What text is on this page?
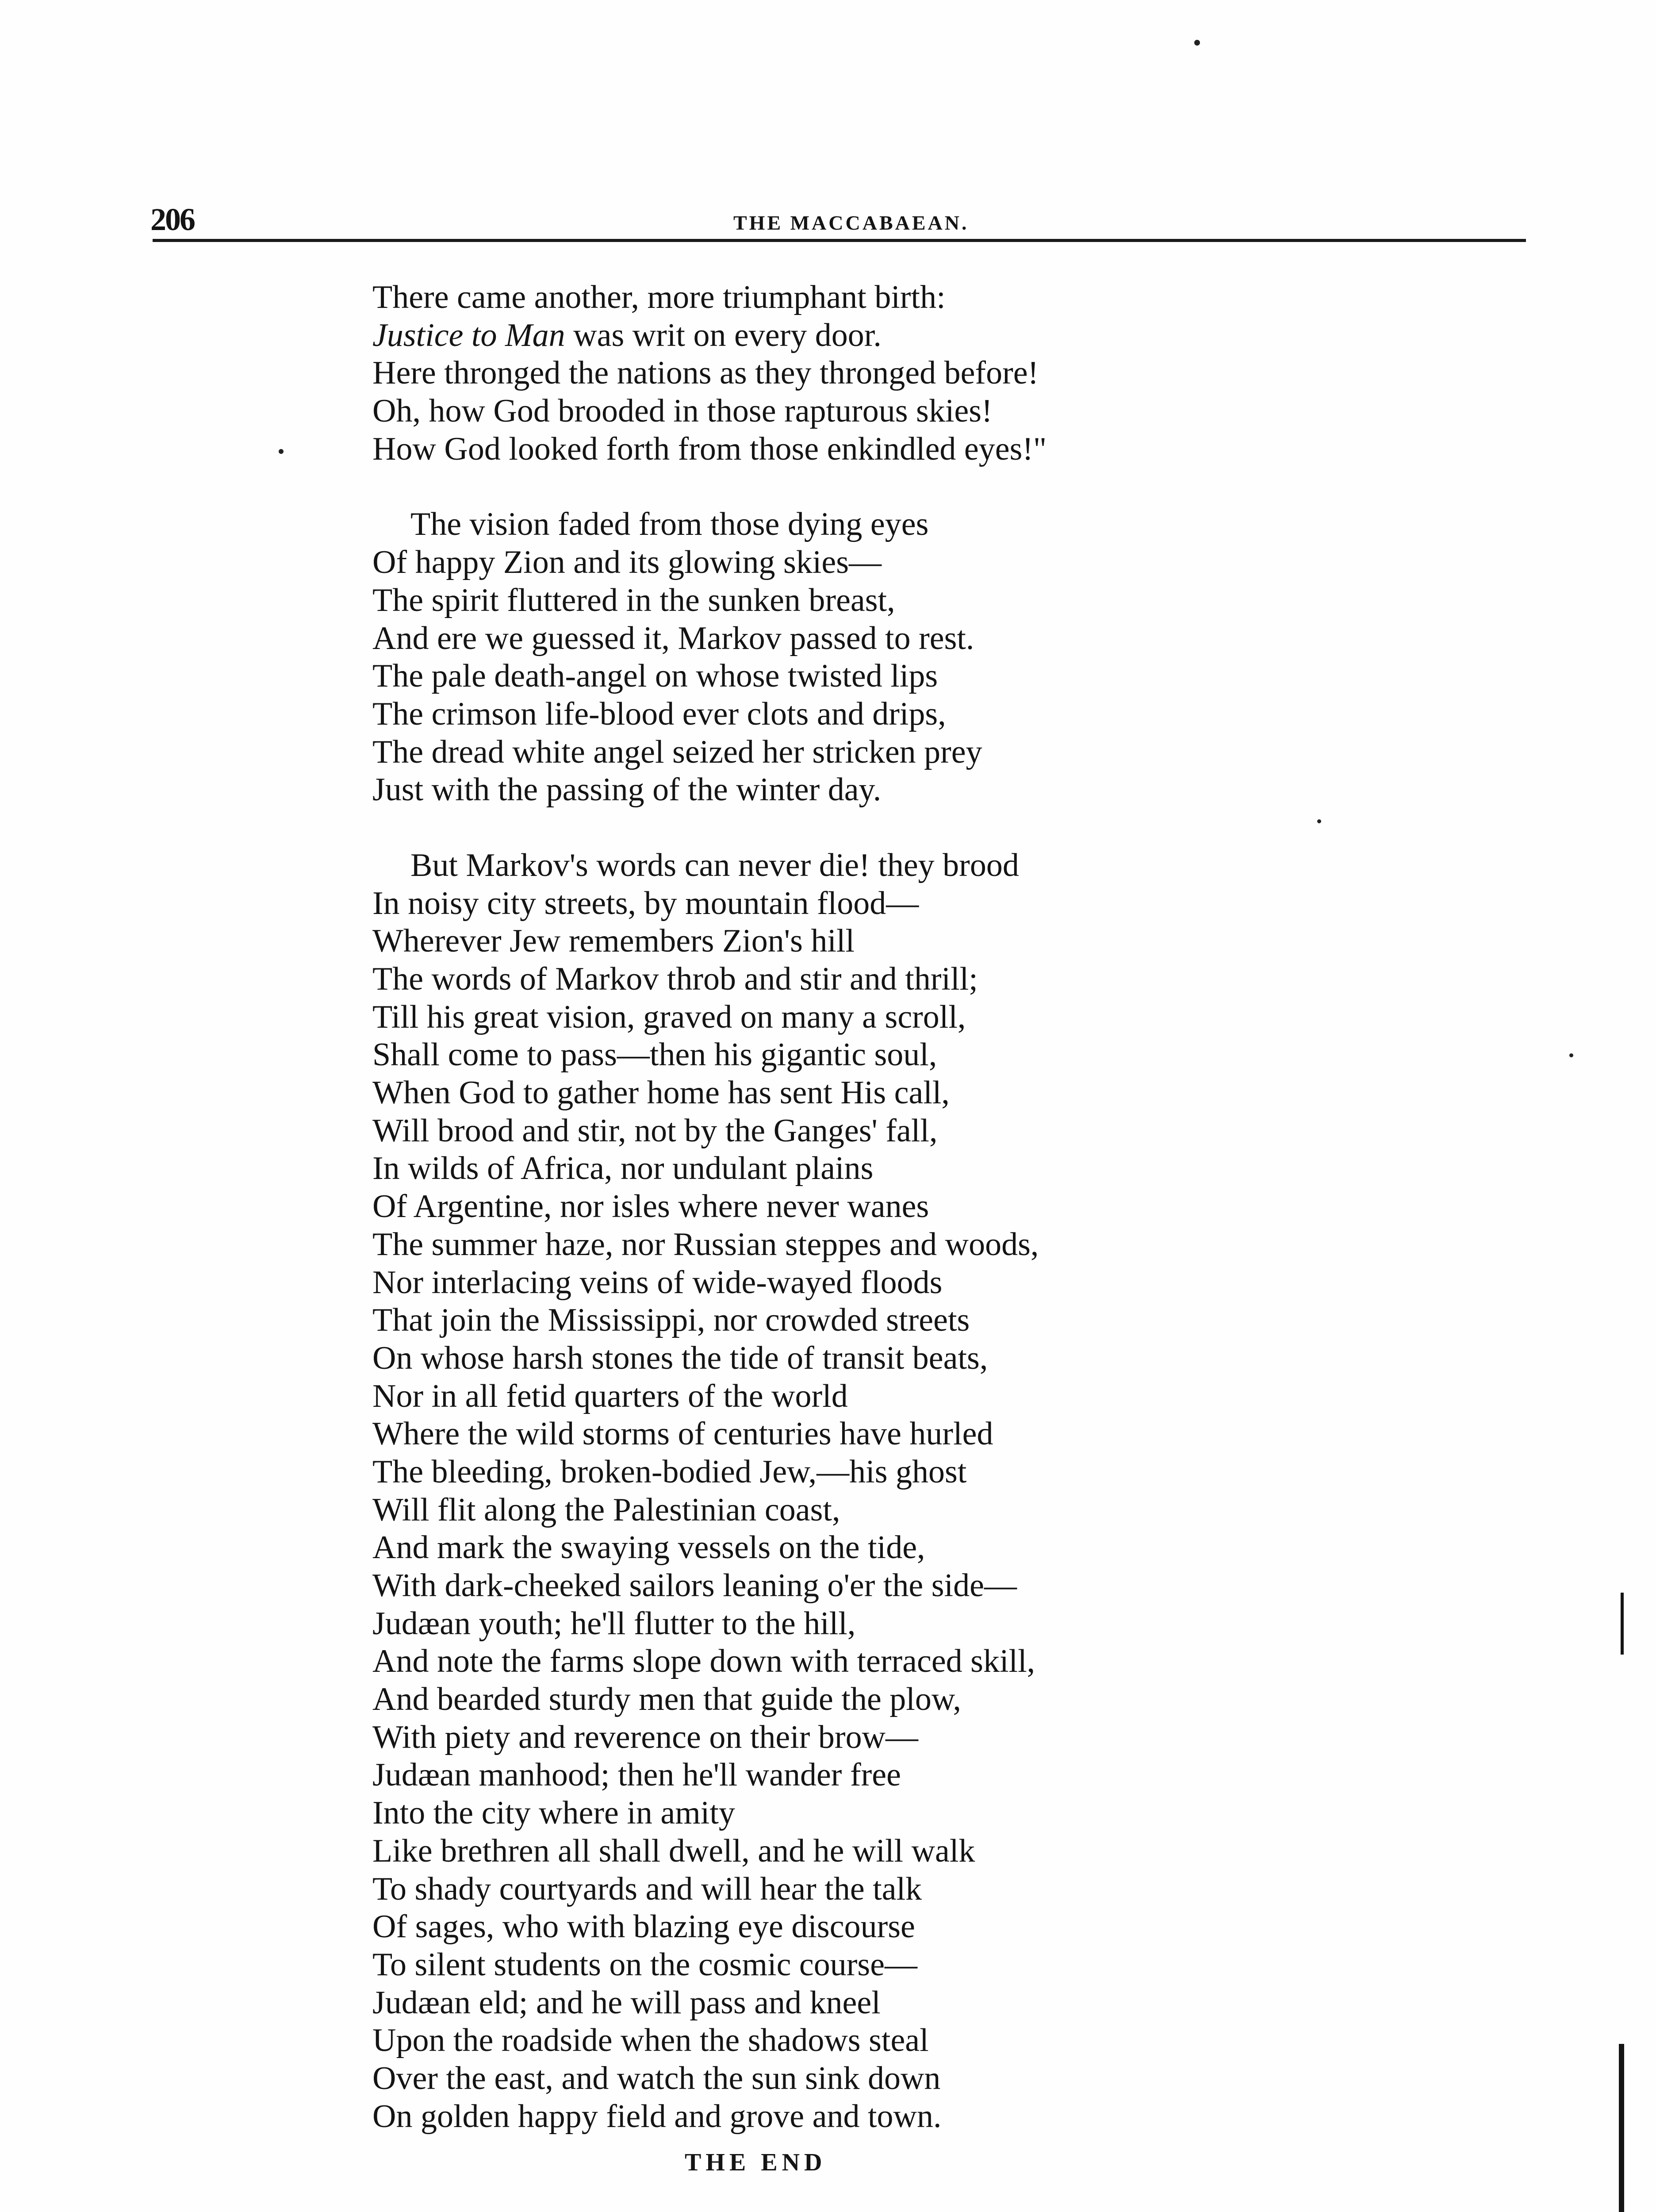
206	THE MACCABAEAN.
There came another, more triumphant birth:
Justice to Man was writ on every door.
Here thronged the nations as they thronged before!
Oh, how God brooded in those rapturous skies!
How God looked forth from those enkindled eyes!"
The vision faded from those dying eyes
Of happy Zion and its glowing skies—
The spirit fluttered in the sunken breast,
And ere we guessed it, Markov passed to rest.
The pale death-angel on whose twisted lips
The crimson life-blood ever clots and drips,
The dread white angel seized her stricken prey
Just with the passing of the winter day.
But Markov's words can never die! they brood
In noisy city streets, by mountain flood—
Wherever Jew remembers Zion's hill
The words of Markov throb and stir and thrill;
Till his great vision, graved on many a scroll,
Shall come to pass—then his gigantic soul,
When God to gather home has sent His call,
Will brood and stir, not by the Ganges' fall,
In wilds of Africa, nor undulant plains
Of Argentine, nor isles where never wanes
The summer haze, nor Russian steppes and woods,
Nor interlacing veins of wide-wayed floods
That join the Mississippi, nor crowded streets
On whose harsh stones the tide of transit beats,
Nor in all fetid quarters of the world
Where the wild storms of centuries have hurled
The bleeding, broken-bodied Jew,—his ghost
Will flit along the Palestinian coast,
And mark the swaying vessels on the tide,
With dark-cheeked sailors leaning o'er the side—
Judæan youth; he'll flutter to the hill,
And note the farms slope down with terraced skill,
And bearded sturdy men that guide the plow,
With piety and reverence on their brow—
Judæan manhood; then he'll wander free
Into the city where in amity
Like brethren all shall dwell, and he will walk
To shady courtyards and will hear the talk
Of sages, who with blazing eye discourse
To silent students on the cosmic course—
Judæan eld; and he will pass and kneel
Upon the roadside when the shadows steal
Over the east, and watch the sun sink down
On golden happy field and grove and town.
THE END
